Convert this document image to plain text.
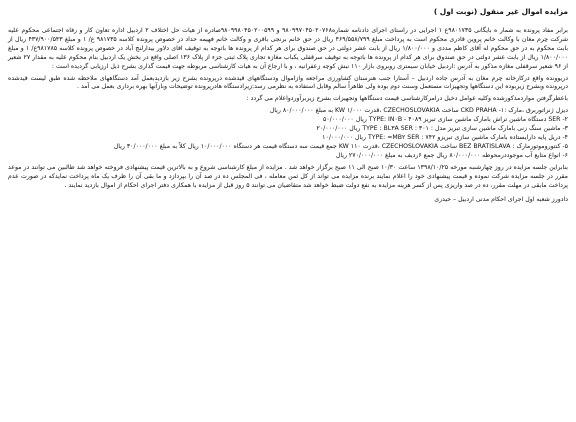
مزایده اموال غیر منقول (نوبت اول )

برابر مفاد پرونده به شمار ه بایگانی ۹۸۰۱۷۳۵ع ۱ اجرایی در راستای اجرای دادنامه شماره۹۸۰۹۹۷۰۴۵۰۲۰۷۶۸ و ۹۸۰۹۹۸۰۴۵۰۲۰۰۵۹۹صادره از هیات حل اختلاف ۲ اردبیل اداره تعاون کار و رفاه اجتماعی محکوم علیه شرکت چرم مغان با وکالت خانم پروین قادری محکوم است به پرداخت مبلغ ۴۶۹/۵۵۸/۷۹۹ ریال در حق خانم برنجی باقری و وکالت خانم فهیمه حداد در خصوص پرونده کلاسه ۹۸۱۷۳۵ ع/ ۱ و مبلغ ۴۳۷/۹۰۰/۵۴۳ ریال از بابت محکوم به در حق محکوم له آقای کاظم مددی و ۱/۸۰۰/۰۰۰ ریال از بابت عشر دولتی در حق صندوق برای هر کدام از پرونده ها باتوجه به توقیف اقای دلاور بیدارلنج آباد در خصوص پرونده کلاسه ۹۸۱۷۸۵ع/ ۱ و مبلغ ۱/۸۰۰/۰۰۰ ریال از بابت عشر دولتی در حق صندوق برای هر کدام از پرونده ها باتوجه به توقیف سرقفلی یکباب مغازه تجاری پلاک ثبتی جزء از پلاک ۱۳۶ اصلی واقع در بخش یک اردبیل بنام محکوم علیه به مقدار ۲۷ شعیر از ۹۶ شعیر سرقفلی مغازه مذکور به آدرس :اردبیل خیابان سیمتری روبروی بازار ۱۱۰ نبش کوچه زعفرانیه ، و با ارجاع آن به هیات کارشناسی مربوطه جهت قیمت گذاری بشرح ذیل ارزیابی گردیده است :

دریوونده واقع درکارخانه چرم مغان به آدرس جاده اردبیل – آستارا جنب هنرستان کشاورزی مراجعه وازاموال ودستگاههای قیدشده درپرونده بشرح زیر بازدیدبعمل آمد دستگاههای ملاحظه شده طبق لیست قیدشده درپرونده وبشرح زیربوده این دستگاهها وتجهیزات مستعمل وسنت دوم بوده ولی ظاهراً سالم وقابل استفاده به نظرمی رسد:زیرادستگاه هادرپرونده توضیحات وبازآنها بهره برداری بعمل می آمد .

باعطرگرفتن مواردمذکورشده وکلیه عوامل دخیل درامرکارشناسی قیمت دستگاهها وتجهیزات بشرح زیربرآوردواعلام می گردد :

دیزل ژنراتوربرق ،مارک :۱- CKD PRAHA ساخت CZECHOSLOVAKIA ،قدرت ۱/۰۰۰ KW به مبلغ ۸۰/۰۰۰/۰۰۰ ریال

۲- SER دستگاه ماشین تراش بامارک ماشین سازی تبریز TYPE: IN۰B - ۴۰۸۹ ریال ۵۰/۰۰۰/۰۰۰

۳- ماشین سنگ زنی بامارک ماشین سازی تبریز مدل : TYPE : BL۳A SER : ۳۰۱ ریال ۲۰/۰۰۰/۰۰۰

۴- دریل پایه دارایستاده بامارک ماشین سازی تبریزو TYPE: =MB۲ SER : ۷۴۲ ریال ۱۰/۰۰۰/۰۰۰

۵- کنتوروموتورمارک : BEZ BRATISLAVA ساخت CZECHOSLOVAKIA ،قدرت ۱۱۰ KW جمع قیمت سه دستگاه قیمت هر دستگاه ۱۰/۰۰۰/۰۰۰ ریال کلاً به مبلغ ۳۰/۰۰۰/۰۰۰ ریال

۶- انواع متایع آب موجوددرمحوطه ۸۰/۰۰۰/۰۰۰ ریال جمع ۶ردیف به مبلغ ۲۷۰/۰۰۰/۰۰۰ ریال

بنابراین جلسه مزایده در روز چهارشنبه مورخه ۱۳۹۸/۱۰/۲۵ ساعت ۱۰/۳۰ صبح الی ۱۱ صبح برگزار خواهد شد . مزایده از مبلغ کارشناسی شروع و به بالاترین قیمت پیشنهادی فروخته خواهد شد طالبین می توانند در موعد مقرر در جلسه مزایده شرکت نموده و قیمت پیشنهادی خود را اعلام نمایند برنده مزایده می تواند از کل ثمن معامله ، فی المجلس ده در صد آن را بپردازد و ما بقی آن را ظرف یک ماه پرداخت نمایدکه در صورت عدم پرداخت مابقی در مهلت مقرر، ده در صد واریزی پس از کسر هزینه مزایده به نفع دولت ضبط خواهد شد متقاضیان می توانند ۵ روز قبل از مزایده با همکاری دفتر اجرای احکام از اموال بازدید نمایند .

دادورز شعبه اول اجرای احکام مدنی اردبیل – حیدری
